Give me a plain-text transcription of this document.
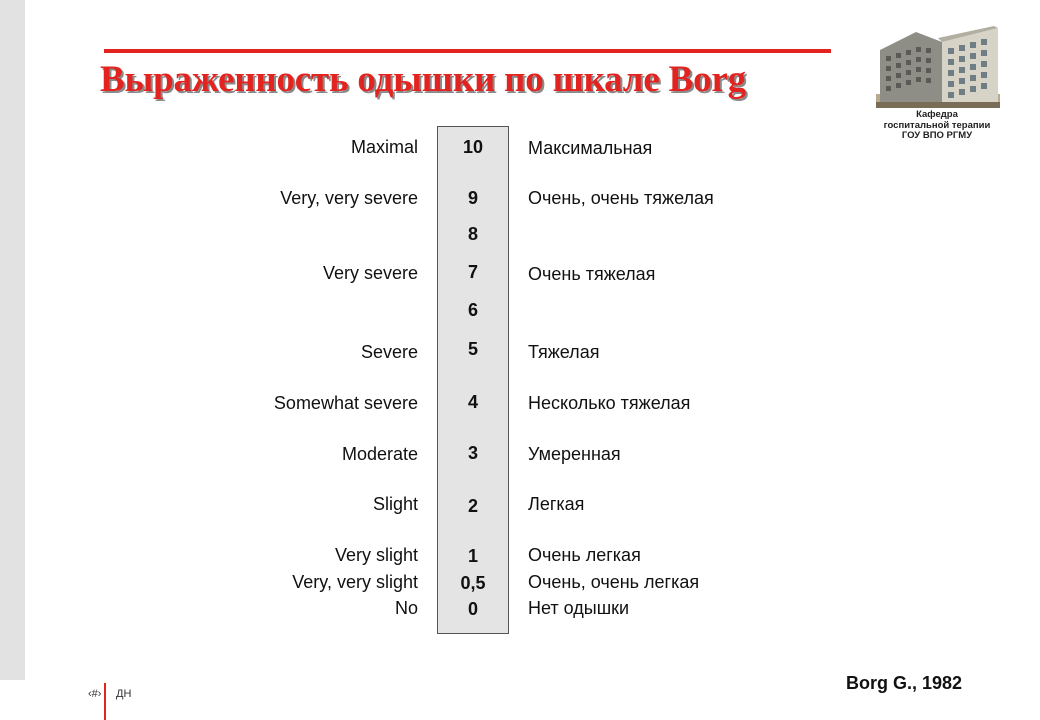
Выраженность одышки по шкале Borg
Кафедра
госпитальной терапии
ГОУ ВПО РГМУ
Maximal	10	Максимальная
Very, very severe	9	Очень, очень тяжелая
8
Very severe	7	Очень тяжелая
6
Severe	5	Тяжелая
Somewhat severe	4	Несколько тяжелая
Moderate	3	Умеренная
Slight	2	Легкая
Very slight	1	Очень легкая
Very, very slight	0,5	Очень, очень легкая
No	0	Нет одышки
Borg G., 1982
‹#› ДН
